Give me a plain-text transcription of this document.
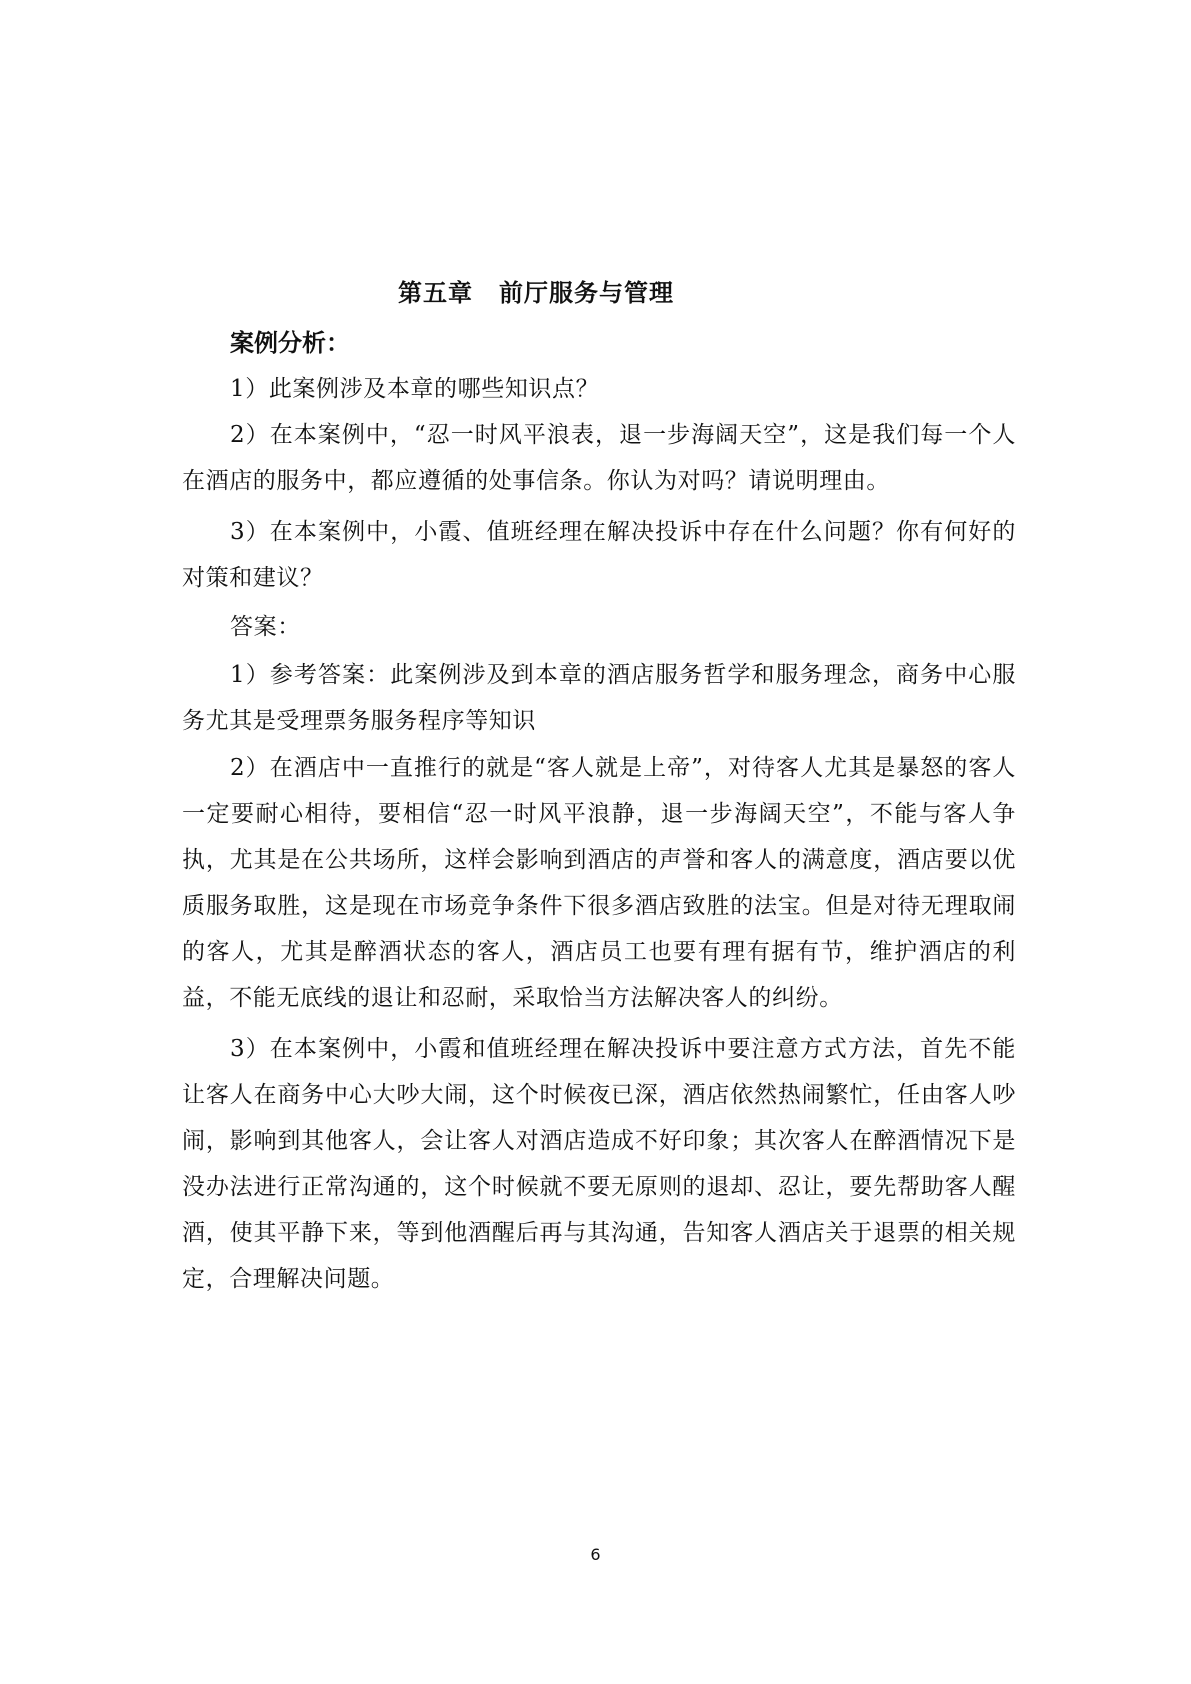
第五章 前厅服务与管理
案例分析：

1）此案例涉及本章的哪些知识点？

2）在本案例中，“忍一时风平浪表，退一步海阔天空”，这是我们每一个人在酒店的服务中，都应遵循的处事信条。你认为对吗？请说明理由。

3）在本案例中，小霞、值班经理在解决投诉中存在什么问题？你有何好的对策和建议？

答案：

1）参考答案：此案例涉及到本章的酒店服务哲学和服务理念，商务中心服务尤其是受理票务服务程序等知识

2）在酒店中一直推行的就是“客人就是上帝”，对待客人尤其是暴怒的客人一定要耐心相待，要相信“忍一时风平浪静，退一步海阔天空”，不能与客人争执，尤其是在公共场所，这样会影响到酒店的声誉和客人的满意度，酒店要以优质服务取胜，这是现在市场竞争条件下很多酒店致胜的法宝。但是对待无理取闹的客人，尤其是醉酒状态的客人，酒店员工也要有理有据有节，维护酒店的利益，不能无底线的退让和忍耐，采取恰当方法解决客人的纠纷。

3）在本案例中，小霞和值班经理在解决投诉中要注意方式方法，首先不能让客人在商务中心大吵大闹，这个时候夜已深，酒店依然热闹繁忙，任由客人吵闹，影响到其他客人，会让客人对酒店造成不好印象；其次客人在醉酒情况下是没办法进行正常沟通的，这个时候就不要无原则的退却、忍让，要先帮助客人醒酒，使其平静下来，等到他酒醒后再与其沟通，告知客人酒店关于退票的相关规定，合理解决问题。

6
